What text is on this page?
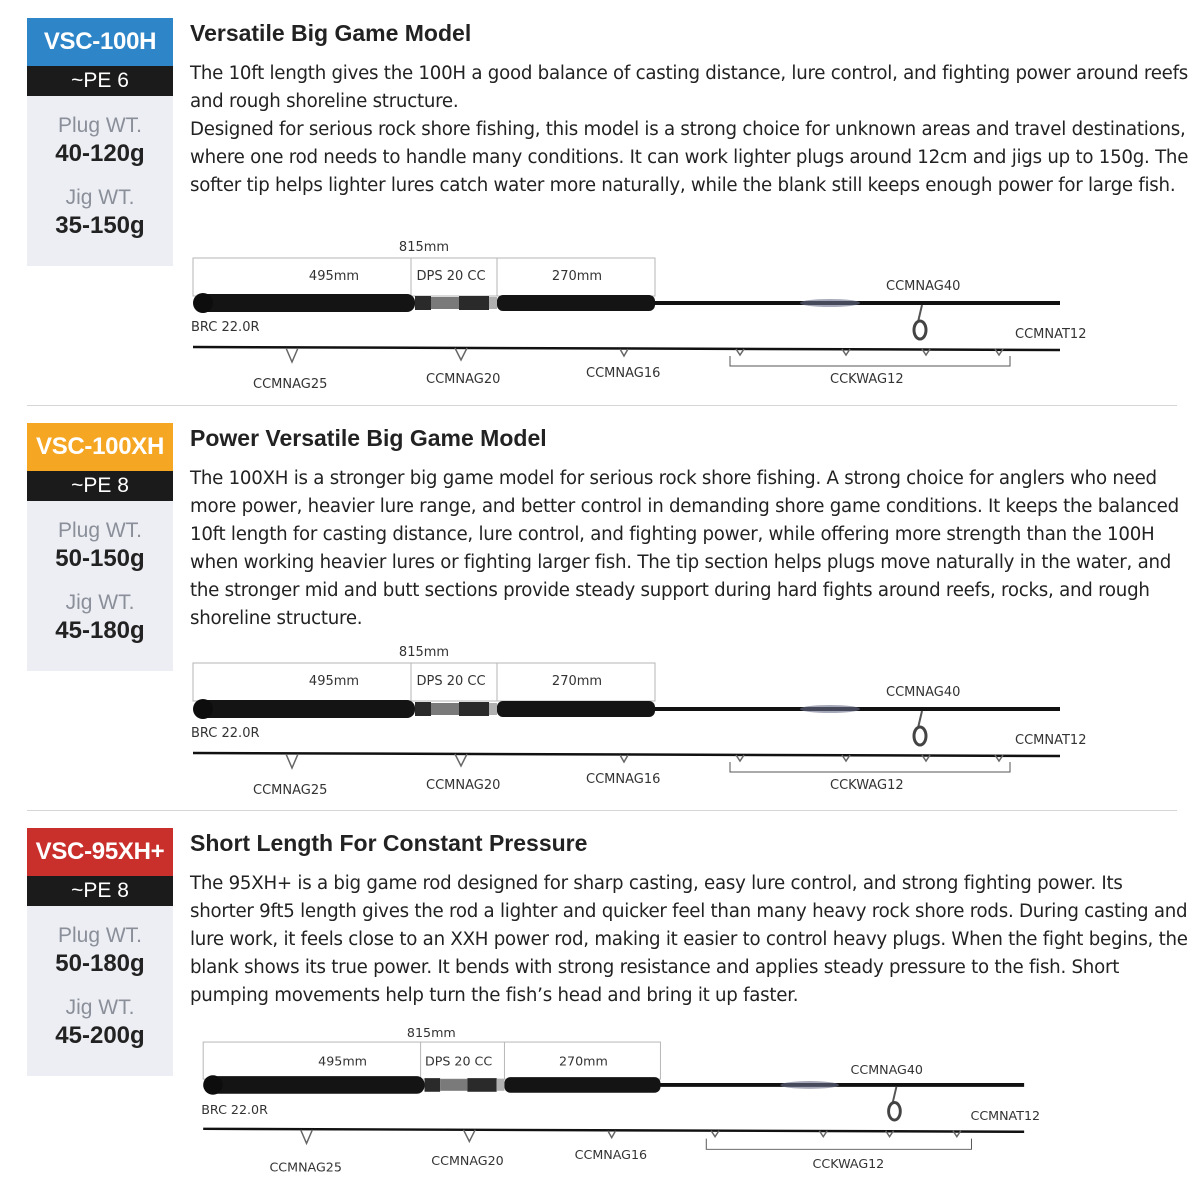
VSC-100H
~PE 6
Plug WT.
40-120g
Jig WT.
35-150g
Versatile Big Game Model

The 10ft length gives the 100H a good balance of casting distance, lure control, and fighting power around reefs and rough shoreline structure.

Designed for serious rock shore fishing, this model is a strong choice for unknown areas and travel destinations, where one rod needs to handle many conditions. It can work lighter plugs around 12cm and jigs up to 150g. The softer tip helps lighter lures catch water more naturally, while the blank still keeps enough power for large fish.

815mm
495mm	DPS 20 CC	270mm
BRC 22.0R
CCMNAG40
CCMNAT12
CCMNAG25	CCMNAG20	CCMNAG16	CCKWAG12
VSC-100XH
~PE 8
Plug WT.
50-150g
Jig WT.
45-180g
Power Versatile Big Game Model

The 100XH is a stronger big game model for serious rock shore fishing. A strong choice for anglers who need more power, heavier lure range, and better control in demanding shore game conditions. It keeps the balanced 10ft length for casting distance, lure control, and fighting power, while offering more strength than the 100H when working heavier lures or fighting larger fish. The tip section helps plugs move naturally in the water, and the stronger mid and butt sections provide steady support during hard fights around reefs, rocks, and rough shoreline structure.

815mm
495mm	DPS 20 CC	270mm
BRC 22.0R
CCMNAG40
CCMNAT12
CCMNAG25	CCMNAG20	CCMNAG16	CCKWAG12
VSC-95XH+
~PE 8
Plug WT.
50-180g
Jig WT.
45-200g
Short Length For Constant Pressure

The 95XH+ is a big game rod designed for sharp casting, easy lure control, and strong fighting power. Its shorter 9ft5 length gives the rod a lighter and quicker feel than many heavy rock shore rods. During casting and lure work, it feels close to an XXH power rod, making it easier to control heavy plugs. When the fight begins, the blank shows its true power. It bends with strong resistance and applies steady pressure to the fish. Short pumping movements help turn the fish’s head and bring it up faster.

815mm
495mm	DPS 20 CC	270mm
BRC 22.0R
CCMNAG40
CCMNAT12
CCMNAG25	CCMNAG20	CCMNAG16
CCKWAG12
